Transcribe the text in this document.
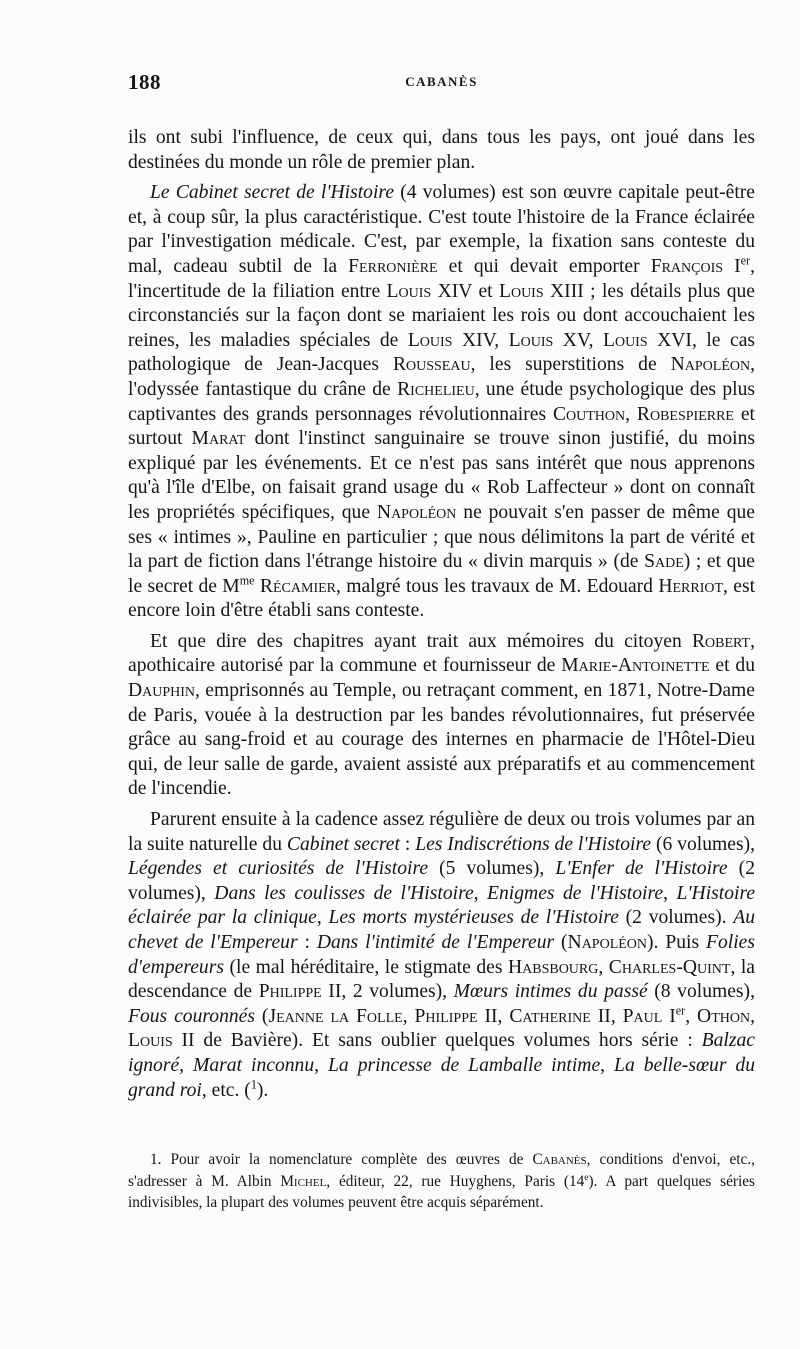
188	CABANÈS

ils ont subi l'influence, de ceux qui, dans tous les pays, ont joué dans les destinées du monde un rôle de premier plan.

Le Cabinet secret de l'Histoire (4 volumes) est son œuvre capitale peut-être et, à coup sûr, la plus caractéristique. C'est toute l'histoire de la France éclairée par l'investigation médicale. C'est, par exemple, la fixation sans conteste du mal, cadeau subtil de la Ferronière et qui devait emporter François Ier, l'incertitude de la filiation entre Louis XIV et Louis XIII ; les détails plus que circonstanciés sur la façon dont se mariaient les rois ou dont accouchaient les reines, les maladies spéciales de Louis XIV, Louis XV, Louis XVI, le cas pathologique de Jean-Jacques Rousseau, les superstitions de Napoléon, l'odyssée fantastique du crâne de Richelieu, une étude psychologique des plus captivantes des grands personnages révolutionnaires Couthon, Robespierre et surtout Marat dont l'instinct sanguinaire se trouve sinon justifié, du moins expliqué par les événements. Et ce n'est pas sans intérêt que nous apprenons qu'à l'île d'Elbe, on faisait grand usage du « Rob Laffecteur » dont on connaît les propriétés spécifiques, que Napoléon ne pouvait s'en passer de même que ses « intimes », Pauline en particulier ; que nous délimitons la part de vérité et la part de fiction dans l'étrange histoire du « divin marquis » (de Sade) ; et que le secret de $M^{me}$ Récamier, malgré tous les travaux de M. Edouard Herriot, est encore loin d'être établi sans conteste.

Et que dire des chapitres ayant trait aux mémoires du citoyen Robert, apothicaire autorisé par la commune et fournisseur de Marie-Antoinette et du Dauphin, emprisonnés au Temple, ou retraçant comment, en 1871, Notre-Dame de Paris, vouée à la destruction par les bandes révolutionnaires, fut préservée grâce au sang-froid et au courage des internes en pharmacie de l'Hôtel-Dieu qui, de leur salle de garde, avaient assisté aux préparatifs et au commencement de l'incendie.

Parurent ensuite à la cadence assez régulière de deux ou trois volumes par an la suite naturelle du Cabinet secret : Les Indiscrétions de l'Histoire (6 volumes), Légendes et curiosités de l'Histoire (5 volumes), L'Enfer de l'Histoire (2 volumes), Dans les coulisses de l'Histoire, Enigmes de l'Histoire, L'Histoire éclairée par la clinique, Les morts mystérieuses de l'Histoire (2 volumes). Au chevet de l'Empereur : Dans l'intimité de l'Empereur (Napoléon). Puis Folies d'empereurs (le mal héréditaire, le stigmate des Habsbourg, Charles-Quint, la descendance de Philippe II, 2 volumes), Mœurs intimes du passé (8 volumes), Fous couronnés (Jeanne la Folle, Philippe II, Catherine II, Paul Ier, Othon, Louis II de Bavière). Et sans oublier quelques volumes hors série : Balzac ignoré, Marat inconnu, La princesse de Lamballe intime, La belle-sœur du grand roi, etc. ($^1$).

1. Pour avoir la nomenclature complète des œuvres de Cabanès, conditions d'envoi, etc., s'adresser à M. Albin Michel, éditeur, 22, rue Huyghens, Paris (14e). A part quelques séries indivisibles, la plupart des volumes peuvent être acquis séparément.
